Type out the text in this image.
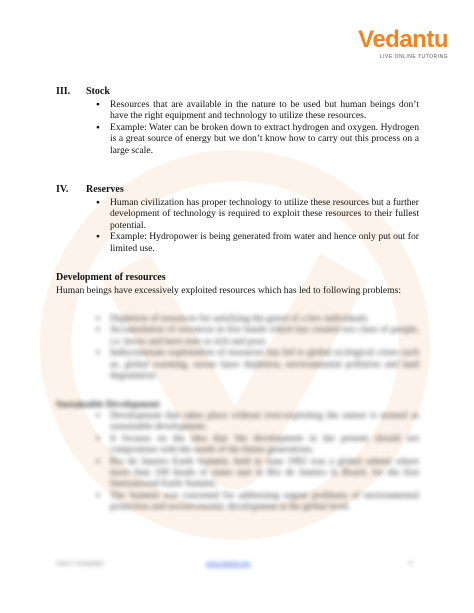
Vedantu
LIVE ONLINE TUTORING
III. Stock
● Resources that are available in the nature to be used but human beings don’t have the right equipment and technology to utilize these resources.
● Example: Water can be broken down to extract hydrogen and oxygen. Hydrogen is a great source of energy but we don’t know how to carry out this process on a large scale.
IV. Reserves
● Human civilization has proper technology to utilize these resources but a further development of technology is required to exploit these resources to their fullest potential.
● Example: Hydropower is being generated from water and hence only put out for limited use.
Development of resources
Human beings have excessively exploited resources which has led to following problems:
● Depletion of resources for satisfying the greed of a few individuals.
● Accumulation of resources in few hands which has created two class of people, i.e. haves and have nots or rich and poor.
● Indiscriminate exploitation of resources has led to global ecological crises such as, global warming, ozone layer depletion, environmental pollution and land degradation
Sustainable Development
● Development that takes place without ever-exploiting the nature is termed as sustainable development.
● It focuses on the idea that 'the development in the present should not compromise with the needs of the future generations.
● Rio de Janeiro Earth Summit, held in June 1992 was a global submit where more than 100 heads of states met in Rio de Janeiro in Brazil, for the first International Earth Summit.
● The Summit was convened for addressing urgent problems of environmental protection and socioeconomic development at the global level.
Class X Geography	www.vedantu.com	6
